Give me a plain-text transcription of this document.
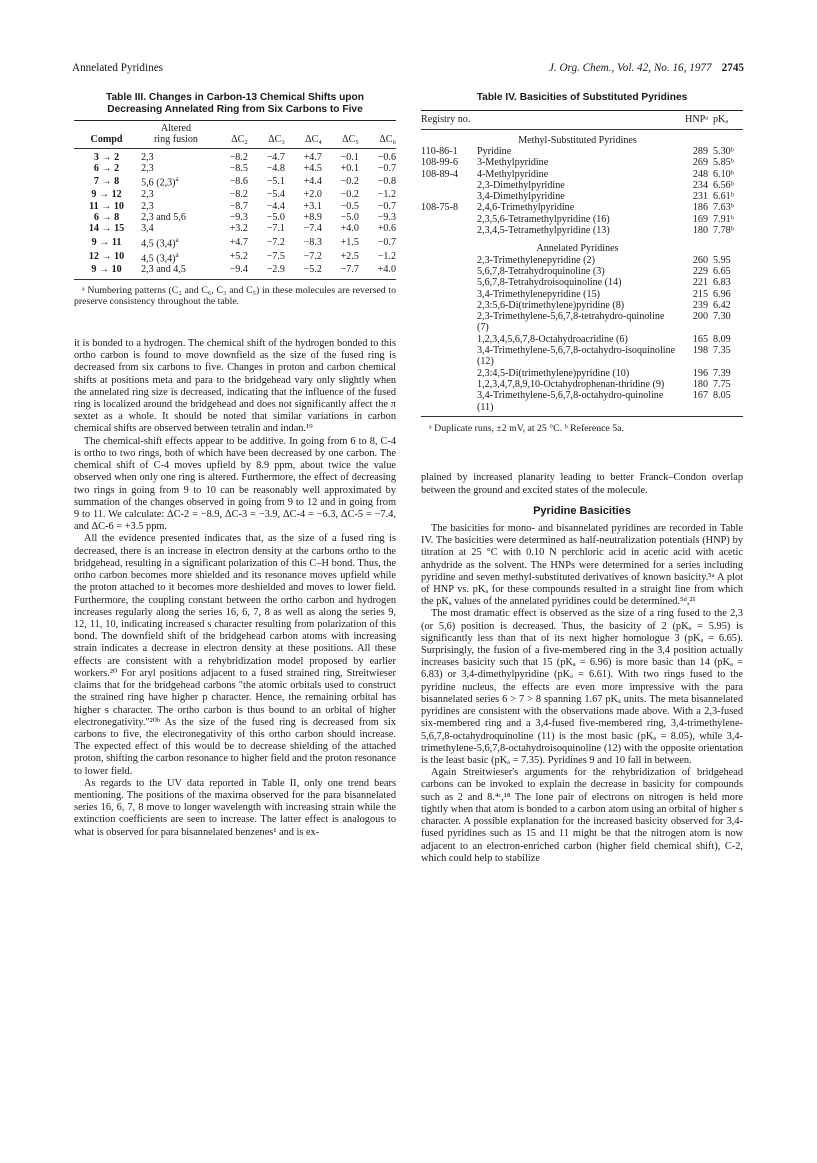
Annelated Pyridines	J. Org. Chem., Vol. 42, No. 16, 1977 2745
Table III. Changes in Carbon-13 Chemical Shifts upon
Decreasing Annelated Ring from Six Carbons to Five
Compd	Altered
ring fusion	ΔC₂	ΔC₃	ΔC₄	ΔC₅	ΔC₆

3 → 2	2,3	−8.2	−4.7	+4.7	−0.1	−0.6
6 → 2	2,3	−8.5	−4.8	+4.5	+0.1	−0.7
7 → 8	5,6 $(2,3)^a$	−8.6	−5.1	+4.4	−0.2	−0.8
9 → 12	2,3	−8.2	−5.4	+2.0	−0.2	−1.2
11 → 10	2,3	−8.7	−4.4	+3.1	−0.5	−0.7
6 → 8	2,3 and 5,6	−9.3	−5.0	+8.9	−5.0	−9.3
14 → 15	3,4	+3.2	−7.1	−7.4	+4.0	+0.6
9 → 11	4,5 $(3,4)^a$	+4.7	−7.2	−8.3	+1.5	−0.7
12 → 10	4,5 $(3,4)^a$	+5.2	−7.5	−7.2	+2.5	−1.2
9 → 10	2,3 and 4,5	−9.4	−2.9	−5.2	−7.7	+4.0
ᵃ Numbering patterns (C₂ and C₆, C₃ and C₅) in these molecules are reversed to preserve consistency throughout the table.

it is bonded to a hydrogen. The chemical shift of the hydrogen bonded to this ortho carbon is found to move downfield as the size of the fused ring is decreased from six carbons to five. Changes in proton and carbon chemical shifts at positions meta and para to the bridgehead vary only slightly when the annelated ring size is decreased, indicating that the influence of the fused ring is localized around the bridgehead and does not significantly affect the π sextet as a whole. It should be noted that similar variations in carbon chemical shifts are observed between tetralin and indan.¹⁹

The chemical-shift effects appear to be additive. In going from 6 to 8, C-4 is ortho to two rings, both of which have been decreased by one carbon. The chemical shift of C-4 moves upfield by 8.9 ppm, about twice the value observed when only one ring is altered. Furthermore, the effect of decreasing two rings in going from 9 to 10 can be reasonably well approximated by summation of the changes observed in going from 9 to 12 and in going from 9 to 11. We calculate: ΔC-2 = −8.9, ΔC-3 = −3.9, ΔC-4 = −6.3, ΔC-5 = −7.4, and ΔC-6 = +3.5 ppm.

All the evidence presented indicates that, as the size of a fused ring is decreased, there is an increase in electron density at the carbons ortho to the bridgehead, resulting in a significant polarization of this C–H bond. Thus, the ortho carbon becomes more shielded and its resonance moves upfield while the proton attached to it becomes more deshielded and moves to lower field. Furthermore, the coupling constant between the ortho carbon and hydrogen increases regularly along the series 16, 6, 7, 8 as well as along the series 9, 12, 11, 10, indicating increased s character resulting from polarization of this bond. The downfield shift of the bridgehead carbon atoms with increasing strain indicates a decrease in electron density at these positions. All these effects are consistent with a rehybridization model proposed by earlier workers.²⁰ For aryl positions adjacent to a fused strained ring, Streitwieser claims that for the bridgehead carbons "the atomic orbitals used to construct the strained ring have higher p character. Hence, the remaining orbital has higher s character. The ortho carbon is thus bound to an orbital of higher electronegativity."²⁰ᵇ As the size of the fused ring is decreased from six carbons to five, the electronegativity of this ortho carbon should increase. The expected effect of this would be to decrease shielding of the attached proton, shifting the carbon resonance to higher field and the proton resonance to lower field.

As regards to the UV data reported in Table II, only one trend bears mentioning. The positions of the maxima observed for the para bisannelated series 16, 6, 7, 8 move to longer wavelength with increasing strain while the extinction coefficients are seen to increase. The latter effect is analogous to what is observed for para bisannelated benzenes¹ and is ex-

Table IV. Basicities of Substituted Pyridines
Registry no.		HNPᵃ	pKₐ

	Methyl-Substituted Pyridines		
110-86-1	Pyridine	289	5.30ᵇ
108-99-6	3-Methylpyridine	269	5.85ᵇ
108-89-4	4-Methylpyridine	248	6.10ᵇ
	2,3-Dimethylpyridine	234	6.56ᵇ
	3,4-Dimethylpyridine	231	6.61ᵇ
108-75-8	2,4,6-Trimethylpyridine	186	7.63ᵇ
	2,3,5,6-Tetramethylpyridine (16)	169	7.91ᵇ
	2,3,4,5-Tetramethylpyridine (13)	180	7.78ᵇ

	Annelated Pyridines		
	2,3-Trimethylenepyridine (2)	260	5.95
	5,6,7,8-Tetrahydroquinoline (3)	229	6.65
	5,6,7,8-Tetrahydroisoquinoline (14)	221	6.83
	3,4-Trimethylenepyridine (15)	215	6.96
	2,3:5,6-Di(trimethylene)pyridine (8)	239	6.42
	2,3-Trimethylene-5,6,7,8-tetrahydro-quinoline (7)	200	7.30
	1,2,3,4,5,6,7,8-Octahydroacridine (6)	165	8.09
	3,4-Trimethylene-5,6,7,8-octahydro-isoquinoline (12)	198	7.35
	2,3:4,5-Di(trimethylene)pyridine (10)	196	7.39
	1,2,3,4,7,8,9,10-Octahydrophenan-thridine (9)	180	7.75
	3,4-Trimethylene-5,6,7,8-octahydro-quinoline (11)	167	8.05
ᵃ Duplicate runs, ±2 mV, at 25 °C. ᵇ Reference 5a.

plained by increased planarity leading to better Franck–Condon overlap between the ground and excited states of the molecule.

Pyridine Basicities

The basicities for mono- and bisannelated pyridines are recorded in Table IV. The basicities were determined as half-neutralization potentials (HNP) by titration at 25 °C with 0.10 N perchloric acid in acetic acid with acetic anhydride as the solvent. The HNPs were determined for a series including pyridine and seven methyl-substituted derivatives of known basicity.⁵ᵃ A plot of HNP vs. pKₐ for these compounds resulted in a straight line from which the pKₐ values of the annelated pyridines could be determined.⁵ᵈ,²¹

The most dramatic effect is observed as the size of a ring fused to the 2,3 (or 5,6) position is decreased. Thus, the basicity of 2 (pKₐ = 5.95) is significantly less than that of its next higher homologue 3 (pKₐ = 6.65). Surprisingly, the fusion of a five-membered ring in the 3,4 position actually increases basicity such that 15 (pKₐ = 6.96) is more basic than 14 (pKₐ = 6.83) or 3,4-dimethylpyridine (pKₐ = 6.61). With two rings fused to the pyridine nucleus, the effects are even more impressive with the para bisannelated series 6 > 7 > 8 spanning 1.67 pKₐ units. The meta bisannelated pyridines are consistent with the observations made above. With a 2,3-fused six-membered ring and a 3,4-fused five-membered ring, 3,4-trimethylene-5,6,7,8-octahydroquinoline (11) is the most basic (pKₐ = 8.05), while 3,4-trimethylene-5,6,7,8-octahydroisoquinoline (12) with the opposite orientation is the least basic (pKₐ = 7.35). Pyridines 9 and 10 fall in between.

Again Streitwieser's arguments for the rehybridization of bridgehead carbons can be invoked to explain the decrease in basicity for compounds such as 2 and 8.⁴ᶜ,¹⁸ The lone pair of electrons on nitrogen is held more tightly when that atom is bonded to a carbon atom using an orbital of higher s character. A possible explanation for the increased basicity observed for 3,4-fused pyridines such as 15 and 11 might be that the nitrogen atom is now adjacent to an electron-enriched carbon (higher field chemical shift), C-2, which could help to stabilize
